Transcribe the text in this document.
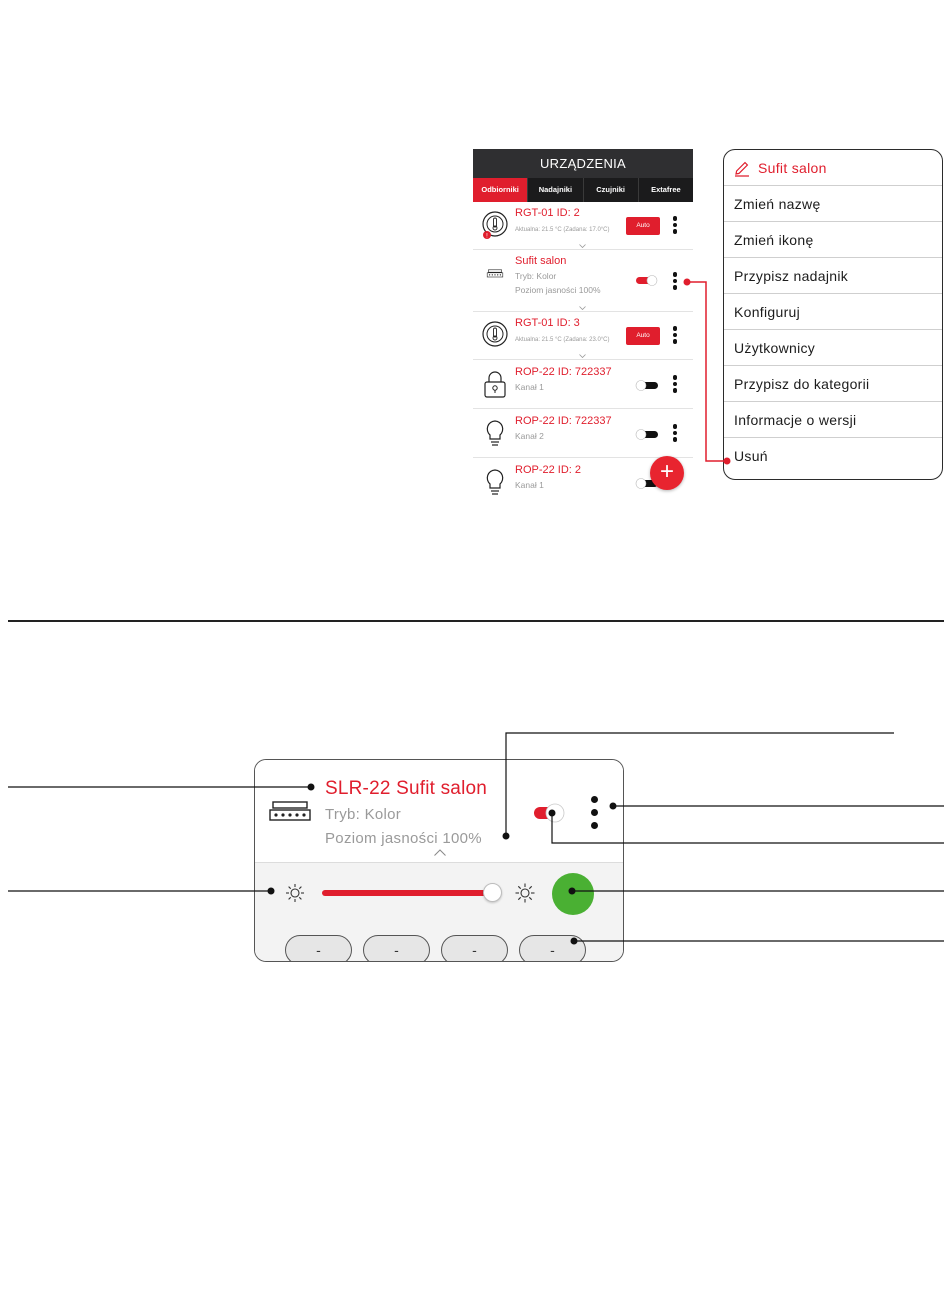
URZĄDZENIA
Odbiorniki	Nadajniki	Czujniki	Extafree
!
RGT-01 ID: 2
Aktualna: 21.5 °C (Zadana: 17.0°C)
Auto
Sufit salon
Tryb: Kolor
Poziom jasności 100%
RGT-01 ID: 3
Aktualna: 21.5 °C (Zadana: 23.0°C)
Auto
ROP-22 ID: 722337
Kanał 1
ROP-22 ID: 722337
Kanał 2
ROP-22 ID: 2
Kanał 1	+
Sufit salon
Zmień nazwę
Zmień ikonę
Przypisz nadajnik
Konfiguruj
Użytkownicy
Przypisz do kategorii
Informacje o wersji
Usuń
SLR-22 Sufit salon
Tryb: Kolor
Poziom jasności 100%
-	-	-	-
